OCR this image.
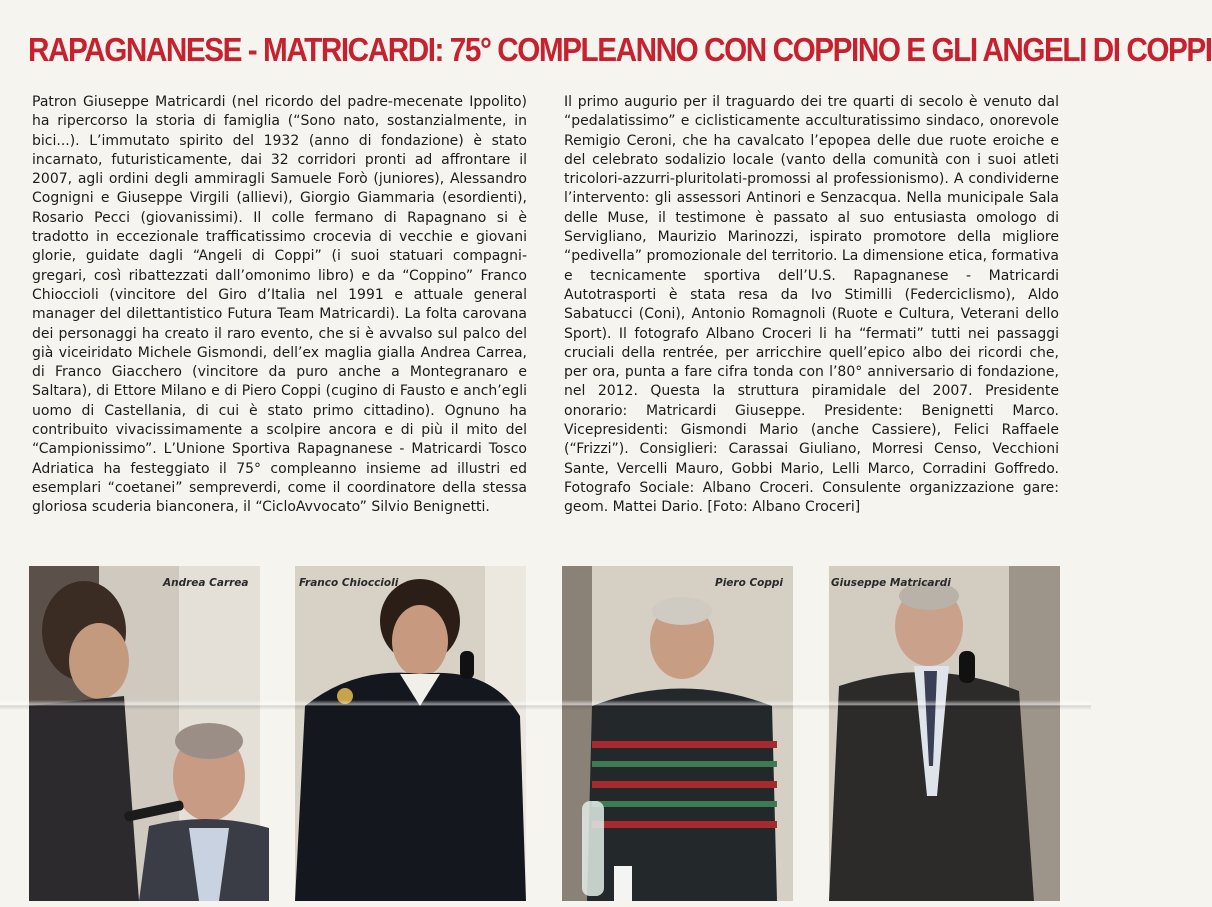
RAPAGNANESE - MATRICARDI: 75° COMPLEANNO CON COPPINO E GLI ANGELI DI COPPI

Patron Giuseppe Matricardi (nel ricordo del padre-mecenate Ippolito) ha ripercorso la storia di famiglia (“Sono nato, sostanzialmente, in bici...). L’immutato spirito del 1932 (anno di fondazione) è stato incarnato, futuristicamente, dai 32 corridori pronti ad affrontare il 2007, agli ordini degli ammiragli Samuele Forò (juniores), Alessandro Cognigni e Giuseppe Virgili (allievi), Giorgio Giammaria (esordienti), Rosario Pecci (giovanissimi). Il colle fermano di Rapagnano si è tradotto in eccezionale trafficatissimo crocevia di vecchie e giovani glorie, guidate dagli “Angeli di Coppi” (i suoi statuari compagni-gregari, così ribattezzati dall’omonimo libro) e da “Coppino” Franco Chioccioli (vincitore del Giro d’Italia nel 1991 e attuale general manager del dilettantistico Futura Team Matricardi). La folta carovana dei personaggi ha creato il raro evento, che si è avvalso sul palco del già viceiridato Michele Gismondi, dell’ex maglia gialla Andrea Carrea, di Franco Giacchero (vincitore da puro anche a Montegranaro e Saltara), di Ettore Milano e di Piero Coppi (cugino di Fausto e anch’egli uomo di Castellania, di cui è stato primo cittadino). Ognuno ha contribuito vivacissimamente a scolpire ancora e di più il mito del “Campionissimo”. L’Unione Sportiva Rapagnanese - Matricardi Tosco Adriatica ha festeggiato il 75° compleanno insieme ad illustri ed esemplari “coetanei” sempreverdi, come il coordinatore della stessa gloriosa scuderia bianconera, il “CicloAvvocato” Silvio Benignetti.

Il primo augurio per il traguardo dei tre quarti di secolo è venuto dal “pedalatissimo” e ciclisticamente acculturatissimo sindaco, onorevole Remigio Ceroni, che ha cavalcato l’epopea delle due ruote eroiche e del celebrato sodalizio locale (vanto della comunità con i suoi atleti tricolori-azzurri-pluritolati-promossi al professionismo). A condividerne l’intervento: gli assessori Antinori e Senzacqua. Nella municipale Sala delle Muse, il testimone è passato al suo entusiasta omologo di Servigliano, Maurizio Marinozzi, ispirato promotore della migliore “pedivella” promozionale del territorio. La dimensione etica, formativa e tecnicamente sportiva dell’U.S. Rapagnanese - Matricardi Autotrasporti è stata resa da Ivo Stimilli (Federciclismo), Aldo Sabatucci (Coni), Antonio Romagnoli (Ruote e Cultura, Veterani dello Sport). Il fotografo Albano Croceri li ha “fermati” tutti nei passaggi cruciali della rentrée, per arricchire quell’epico albo dei ricordi che, per ora, punta a fare cifra tonda con l’80° anniversario di fondazione, nel 2012. Questa la struttura piramidale del 2007. Presidente onorario: Matricardi Giuseppe. Presidente: Benignetti Marco. Vicepresidenti: Gismondi Mario (anche Cassiere), Felici Raffaele (“Frizzi”). Consiglieri: Carassai Giuliano, Morresi Censo, Vecchioni Sante, Vercelli Mauro, Gobbi Mario, Lelli Marco, Corradini Goffredo. Fotografo Sociale: Albano Croceri. Consulente organizzazione gare: geom. Mattei Dario. [Foto: Albano Croceri]

Andrea Carrea	Franco Chioccioli	Piero Coppi	Giuseppe Matricardi
